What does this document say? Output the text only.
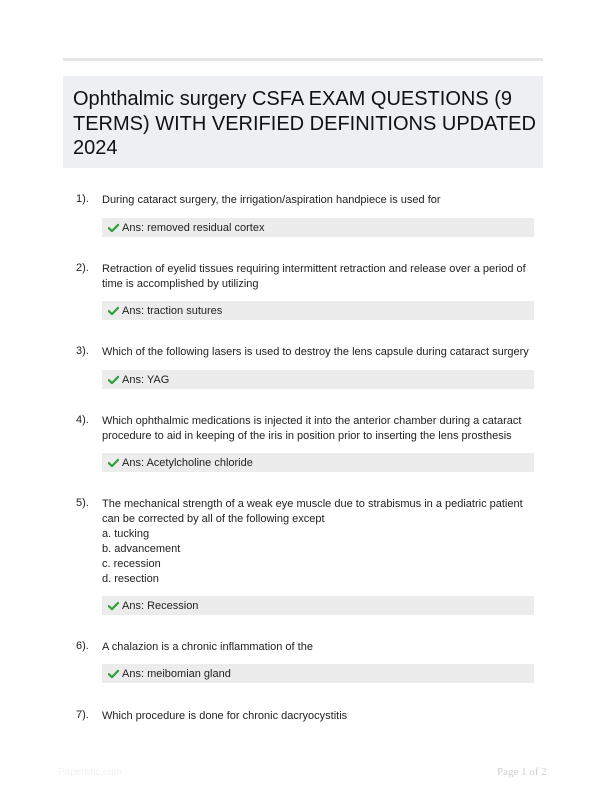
Ophthalmic surgery CSFA EXAM QUESTIONS (9 TERMS) WITH VERIFIED DEFINITIONS UPDATED 2024
1). During cataract surgery, the irrigation/aspiration handpiece is used for

Ans: removed residual cortex
2). Retraction of eyelid tissues requiring intermittent retraction and release over a period of time is accomplished by utilizing

Ans: traction sutures
3). Which of the following lasers is used to destroy the lens capsule during cataract surgery

Ans: YAG
4). Which ophthalmic medications is injected it into the anterior chamber during a cataract procedure to aid in keeping of the iris in position prior to inserting the lens prosthesis

Ans: Acetylcholine chloride
5). The mechanical strength of a weak eye muscle due to strabismus in a pediatric patient can be corrected by all of the following except
a. tucking
b. advancement
c. recession
d. resection
Ans: Recession
6). A chalazion is a chronic inflammation of the

Ans: meibomian gland
7). Which procedure is done for chronic dacryocystitis

Paperbtic.com	Page 1 of 2
